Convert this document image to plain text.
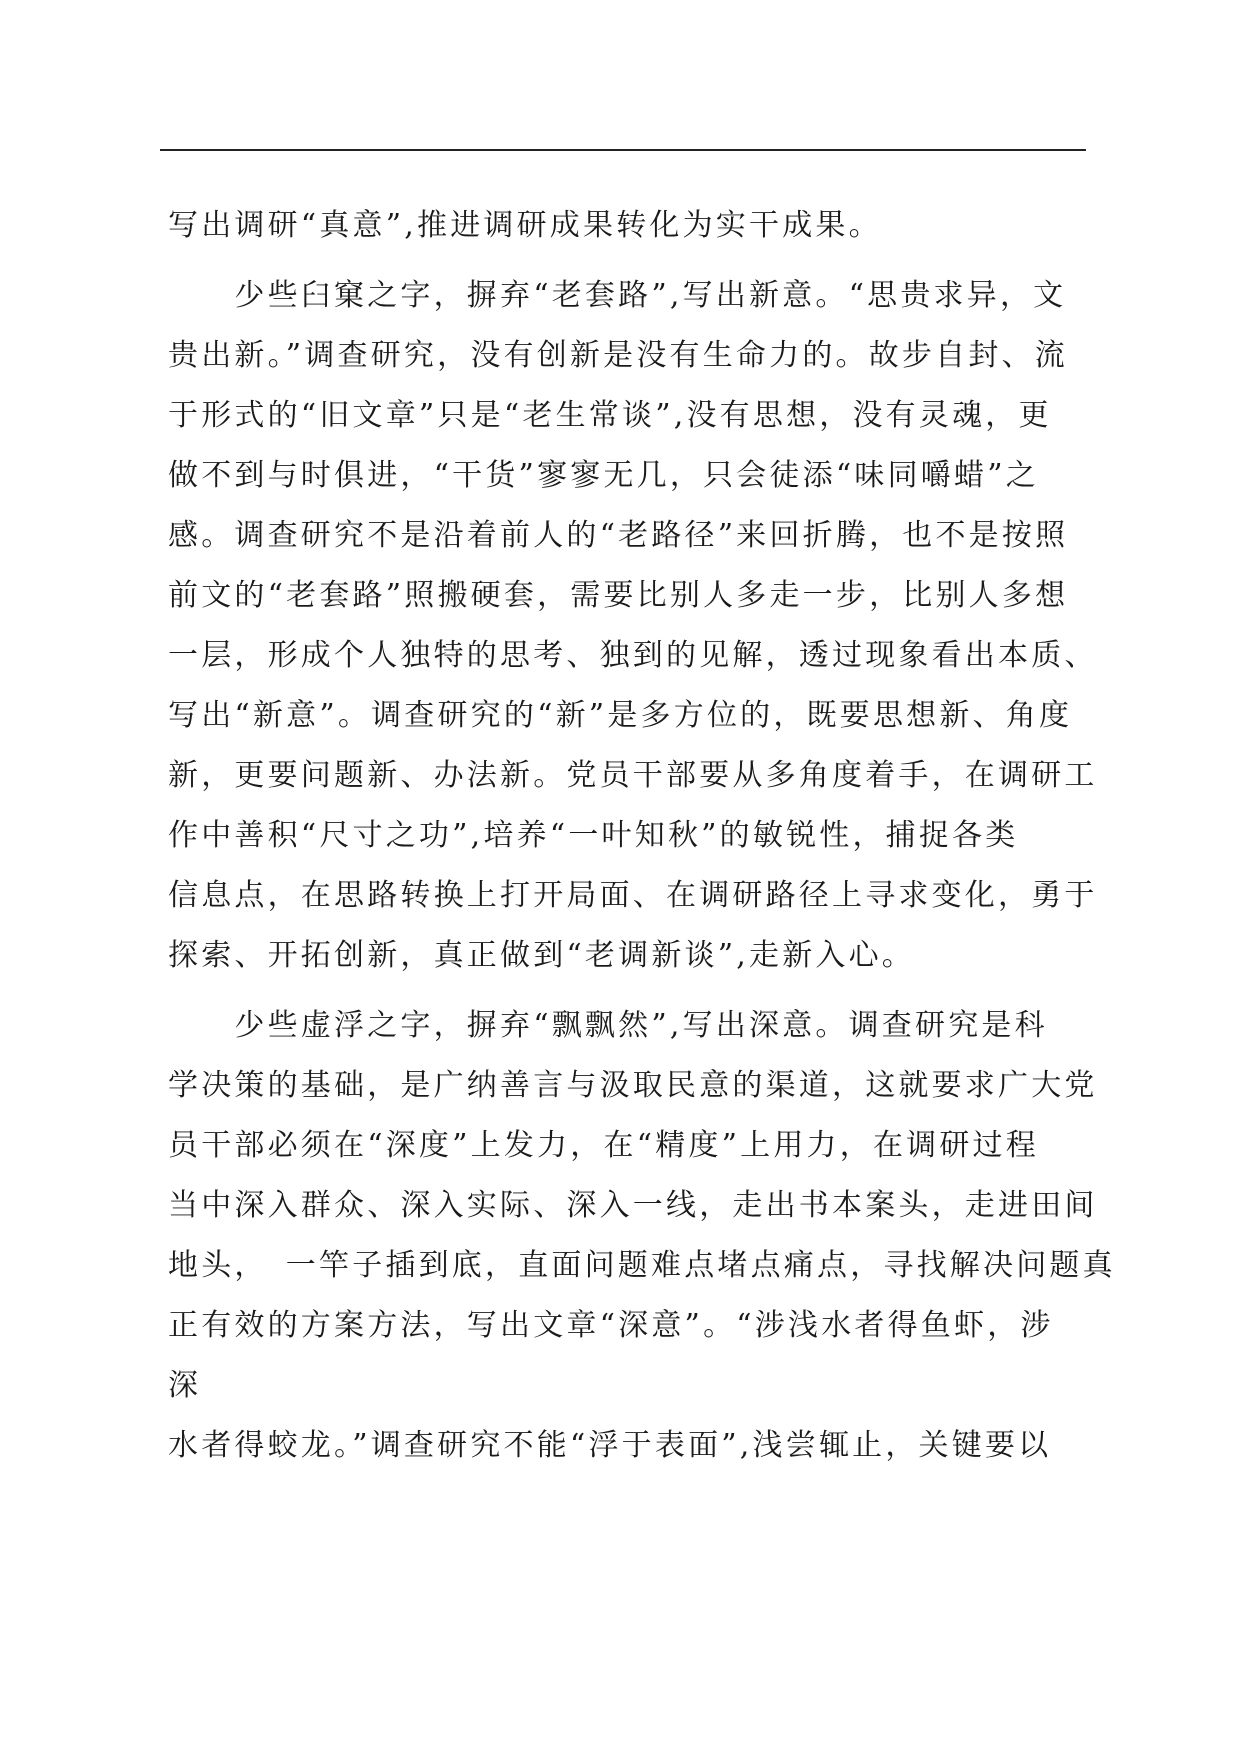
写出调研“真意”,推进调研成果转化为实干成果。
　　少些臼窠之字，摒弃“老套路”,写出新意。“思贵求异，文
贵出新。”调查研究，没有创新是没有生命力的。故步自封、流
于形式的“旧文章”只是“老生常谈”,没有思想，没有灵魂，更
做不到与时俱进，“干货”寥寥无几，只会徒添“味同嚼蜡”之
感。调查研究不是沿着前人的“老路径”来回折腾，也不是按照
前文的“老套路”照搬硬套，需要比别人多走一步，比别人多想
一层，形成个人独特的思考、独到的见解，透过现象看出本质、
写出“新意”。调查研究的“新”是多方位的，既要思想新、角度
新，更要问题新、办法新。党员干部要从多角度着手，在调研工
作中善积“尺寸之功”,培养“一叶知秋”的敏锐性，捕捉各类
信息点，在思路转换上打开局面、在调研路径上寻求变化，勇于
探索、开拓创新，真正做到“老调新谈”,走新入心。
　　少些虚浮之字，摒弃“飘飘然”,写出深意。调查研究是科
学决策的基础，是广纳善言与汲取民意的渠道，这就要求广大党
员干部必须在“深度”上发力，在“精度”上用力，在调研过程
当中深入群众、深入实际、深入一线，走出书本案头，走进田间
地头，　一竿子插到底，直面问题难点堵点痛点，寻找解决问题真
正有效的方案方法，写出文章“深意”。“涉浅水者得鱼虾，涉
深
水者得蛟龙。”调查研究不能“浮于表面”,浅尝辄止，关键要以
